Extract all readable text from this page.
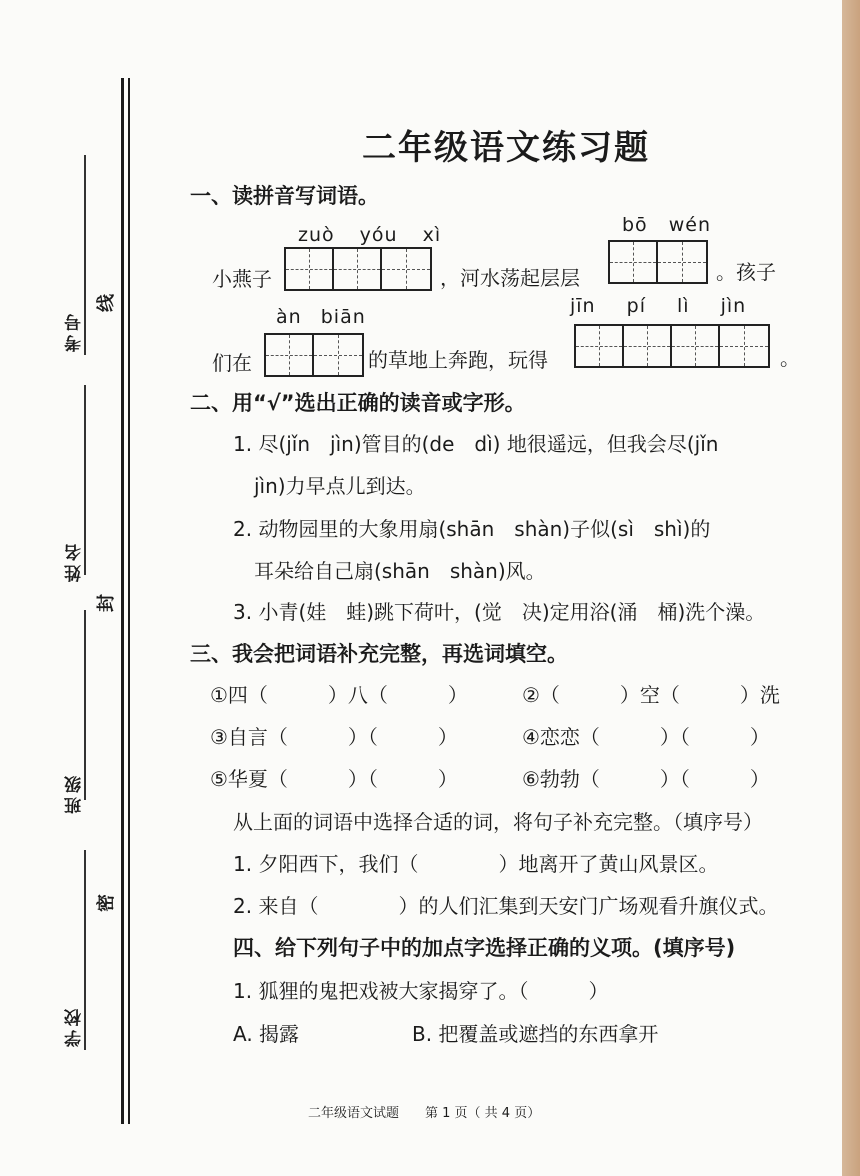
考号
姓名
班级
学校
线
封
密
二年级语文练习题
一、读拼音写词语。
zuò yóu xì	bō wén
小燕子	，河水荡起层层	。孩子
àn biān	jīn pí lì jìn
们在	的草地上奔跑，玩得	。
二、用“√”选出正确的读音或字形。
1. 尽(jǐn　jìn)管目的(de　dì) 地很遥远，但我会尽(jǐn
jìn)力早点儿到达。
2. 动物园里的大象用扇(shān　shàn)子似(sì　shì)的
耳朵给自己扇(shān　shàn)风。
3. 小青(娃　蛙)跳下荷叶，(觉　决)定用浴(涌　桶)洗个澡。
三、我会把词语补充完整，再选词填空。
①四（　　　）八（　　　）	②（　　　）空（　　　）洗
③自言（　　　）（　　　）	④恋恋（　　　）（　　　）
⑤华夏（　　　）（　　　）	⑥勃勃（　　　）（　　　）
从上面的词语中选择合适的词，将句子补充完整。（填序号）
1. 夕阳西下，我们（　　　　）地离开了黄山风景区。
2. 来自（　　　　）的人们汇集到天安门广场观看升旗仪式。
四、给下列句子中的加点字选择正确的义项。(填序号)
1. 狐狸的鬼把戏被大家揭穿了。（　　　）
A. 揭露	B. 把覆盖或遮挡的东西拿开
二年级语文试题　　第 1 页（ 共 4 页）
